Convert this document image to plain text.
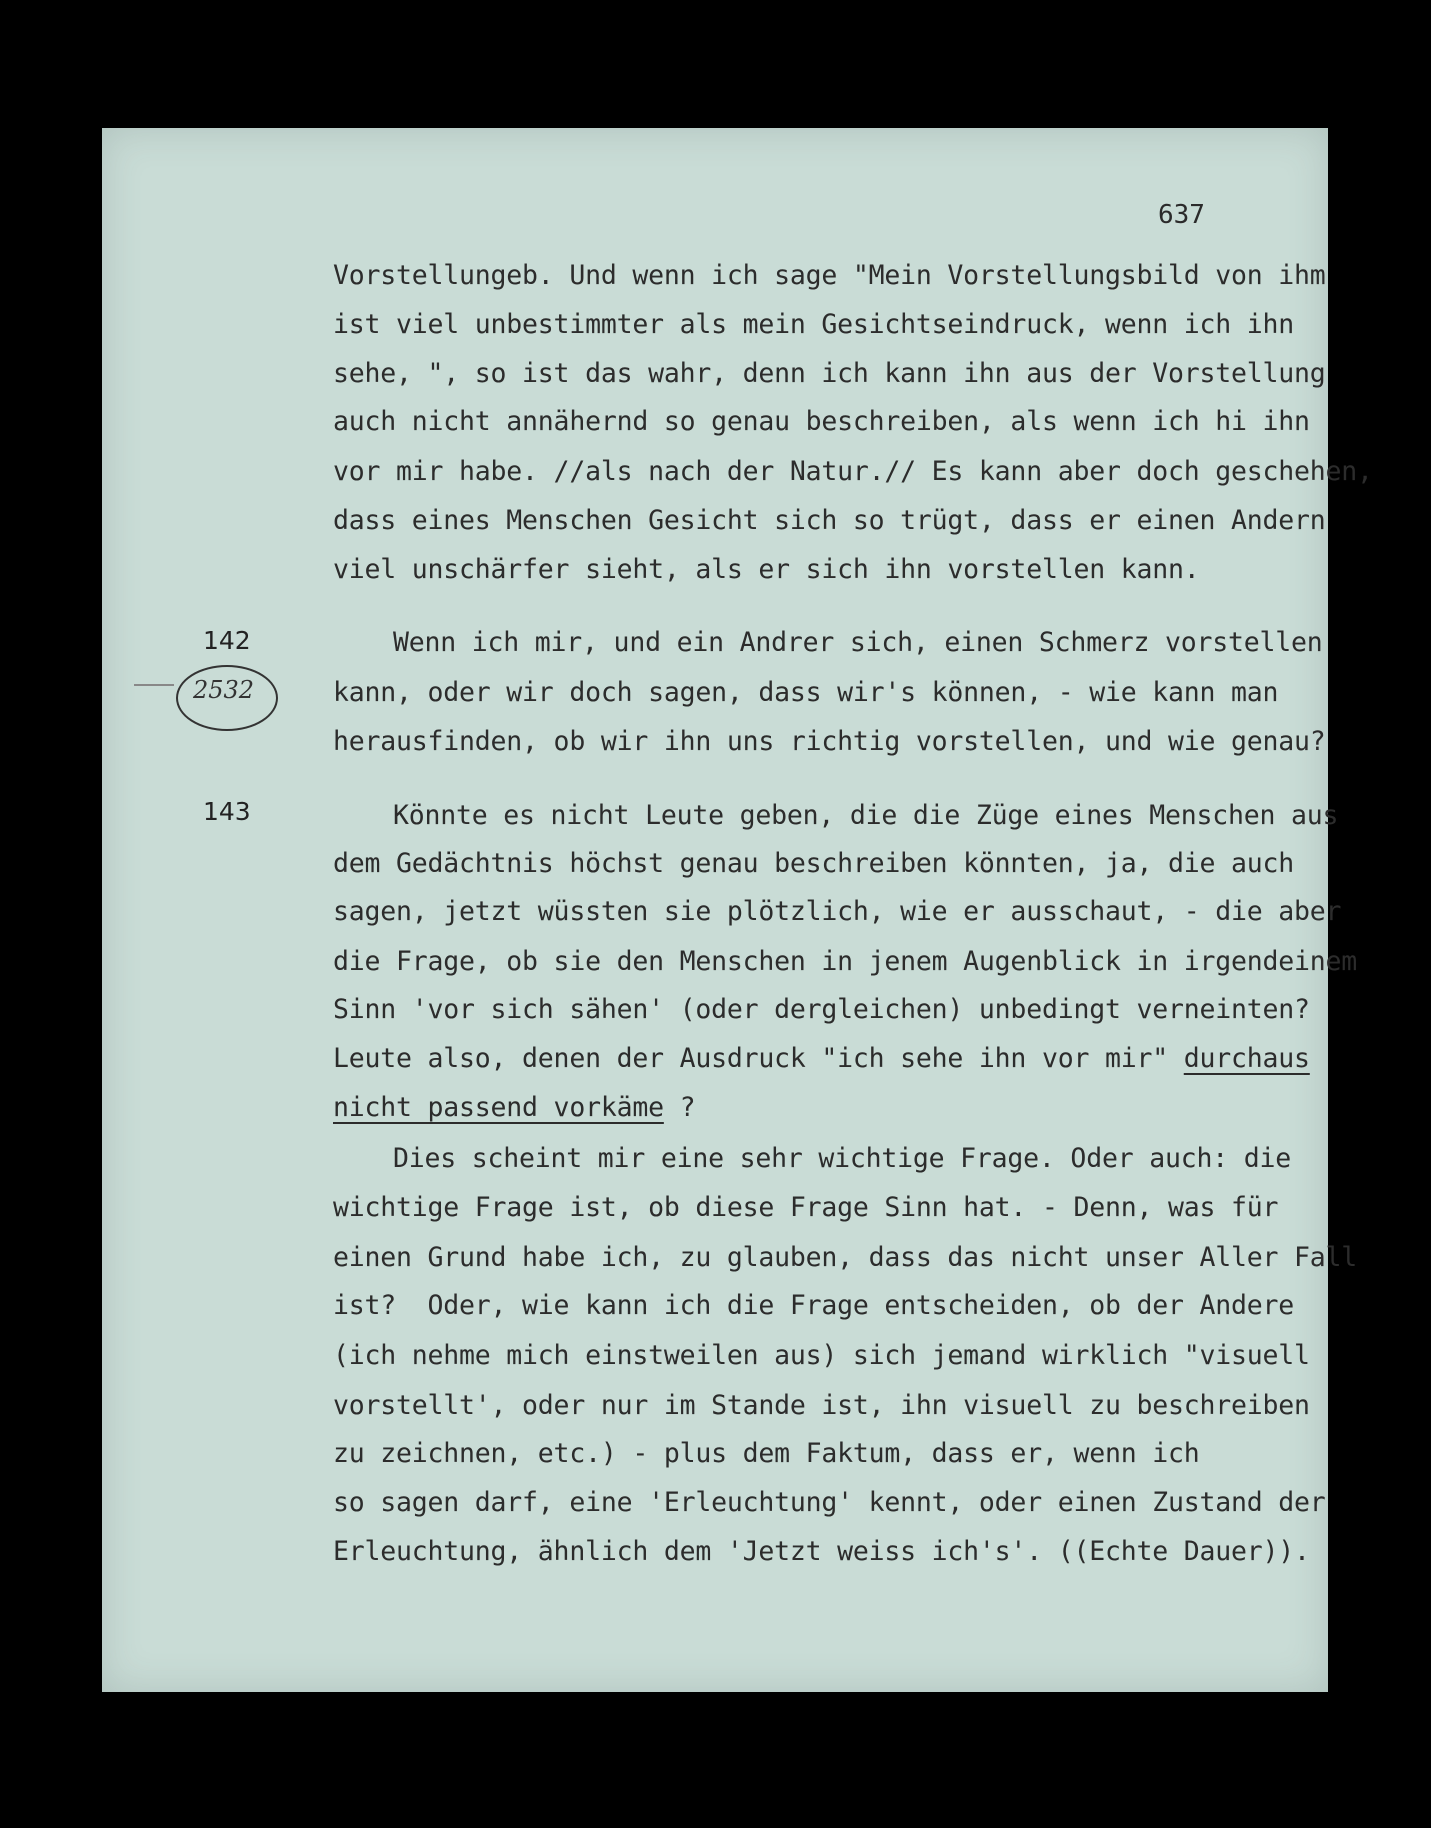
637
Vorstellungeb. Und wenn ich sage "Mein Vorstellungsbild von ihm
ist viel unbestimmter als mein Gesichtseindruck, wenn ich ihn
sehe, ", so ist das wahr, denn ich kann ihn aus der Vorstellung
auch nicht annähernd so genau beschreiben, als wenn ich hi ihn
vor mir habe. //als nach der Natur.// Es kann aber doch geschehen,
dass eines Menschen Gesicht sich so trügt, dass er einen Andern
viel unschärfer sieht, als er sich ihn vorstellen kann.
142
2532
Wenn ich mir, und ein Andrer sich, einen Schmerz vorstellen
kann, oder wir doch sagen, dass wir's können, - wie kann man
herausfinden, ob wir ihn uns richtig vorstellen, und wie genau?
143	Könnte es nicht Leute geben, die die Züge eines Menschen aus
dem Gedächtnis höchst genau beschreiben könnten, ja, die auch
sagen, jetzt wüssten sie plötzlich, wie er ausschaut, - die aber
die Frage, ob sie den Menschen in jenem Augenblick in irgendeinem
Sinn 'vor sich sähen' (oder dergleichen) unbedingt verneinten?
Leute also, denen der Ausdruck "ich sehe ihn vor mir" durchaus
nicht passend vorkäme ?
Dies scheint mir eine sehr wichtige Frage. Oder auch: die
wichtige Frage ist, ob diese Frage Sinn hat. - Denn, was für
einen Grund habe ich, zu glauben, dass das nicht unser Aller Fall
ist?  Oder, wie kann ich die Frage entscheiden, ob der Andere
(ich nehme mich einstweilen aus) sich jemand wirklich "visuell
vorstellt', oder nur im Stande ist, ihn visuell zu beschreiben
zu zeichnen, etc.) - plus dem Faktum, dass er, wenn ich
so sagen darf, eine 'Erleuchtung' kennt, oder einen Zustand der
Erleuchtung, ähnlich dem 'Jetzt weiss ich's'. ((Echte Dauer)).
